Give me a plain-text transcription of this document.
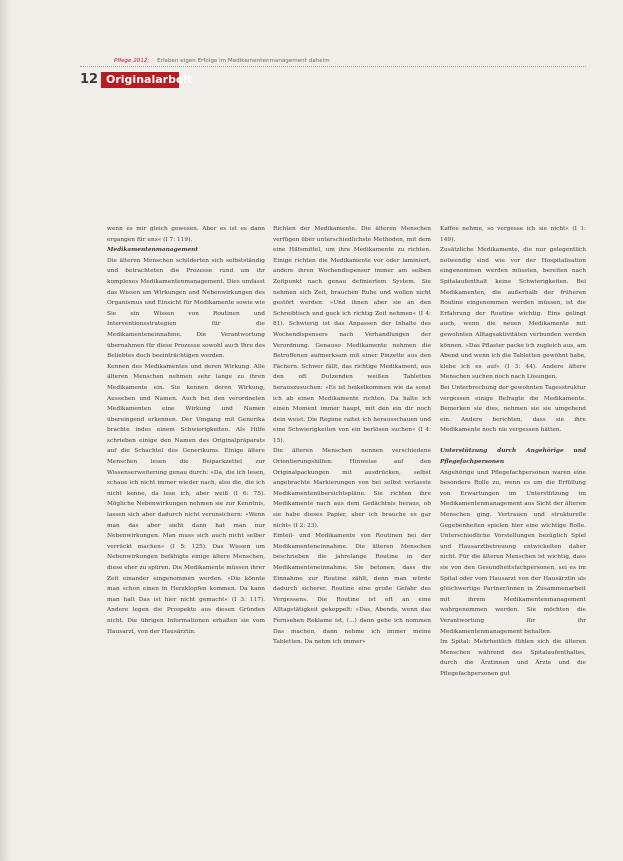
Pflege 2012; · Erleben eigen Erfolge im Medikamentenmanagement daheim
12 Originalarbeit

wenn es mir gleich gewesen. Aber es ist es dann ergangen für uns« (I 7: 119).

Medikamentenmanagement

Die älteren Menschen schilderten sich selbstständig und betrachteten die Prozesse rund um ihr komplexes Medikamentenmanagement. Dies umfasst das Wissen um Wirkungen und Nebenwirkungen des Organismus und Einsicht für Medikamente sowie wie Sie ein Wissen von Routinen und Interventionsstrategien für die Medikamenteneinnahme. Die Verantwortung übernahmen für diese Prozesse sowohl auch Ihre des Beliebtes doch beeinträchtigen werden.

Kennen des Medikamentes und deren Wirkung. Alle älteren Menschen nehmen sehr lange zu ihren Medikamente ein. Sie kennen deren Wirkung, Aussehen und Namen. Auch bei den verordneten Medikamenten eine Wirkung und Namen übereingend erkennen. Der Umgang mit Generika brachte indes einem Schwierigkeiten. Als Hilfe schrieben einige den Namen des Originalpräparats auf die Schachtel des Generikums. Einige ältere Menschen lesen die Beipackzettel zur Wissenserweiterung genau durch: »Da, die ich lesen, schaue ich nicht immer wieder nach, also die, die ich nicht kenne, da lese ich, aber weiß (I 6: 75). Mögliche Nebenwirkungen nehmen sie zur Kenntnis, lassen sich aber dadurch nicht verunsichern: »Wenn man das aber sieht dann hat man nur Nebenwirkungen. Man muss sich auch nicht selber verrückt machen« (I 5: 125). Das Wissen um Nebenwirkungen befähigte einige ältere Menschen, diese eher zu spüren. Die Medikamente müssen ihrer Zeit einander eingenommen werden. »Die könnte man schon einen in Herzklopfen kommen. Da kann man halt Das ist hier nicht gemacht« (I 3: 117). Andere legen die Prospekte aus diesen Gründen nicht. Die übrigen Informationen erhalten sie vom Hausarzt, von der Hausärztin.

Richten der Medikamente. Die älteren Menschen verfügen über unterschiedlichste Methoden, mit dem eine Hilfsmittel, um ihre Medikamente zu richten. Einige richten die Medikamente vor oder laminiert, andere ihren Wochendispenser immer am selben Zeitpunkt nach genau definiertem System. Sie nehmen sich Zeit, brauchen Ruhe und wollen nicht gestört werden: »Und ihnen aber sie an den Schreibtisch und guck ich richtig Zeit nehmen« (I 4: 81). Schwierig ist das Anpassen der Inhalte des Wochendispensers nach Verhandlungen der Verordnung. Genauso Medikamente nehmen die Betroffenen aufmerksam mit einer Pinzette aus den Fächern. Schwer fällt, das richtige Medikament, aus den oft Dutzenden weißen Tabletten herauszusuchen: »Es ist heikelkommen wie da sonst ich ab einen Medikamente richten. Da halte ich einen Moment immer haupt, mit den ein dir noch dein weist. Die Regime raitet ich herausschauen und eine Schwierigkeiten von ein berlösen suchen« (I 4: 15).

Die älteren Menschen nennen verschiedene Orientierungshilfen: Hinweise auf den Originalpackungen mit ausdrücken, selbst angebrachte Markierungen von bei selbst verlasste Medikamentenübersichtspläne. Sie richten ihre Medikamente nach aus dem Gedächtnis heraus, ob sie habe dieses Papier, aber ich brauche es gar nicht« (I 2: 23).

Einteil- und Medikamente von Routinen bei der Medikamenteneinnahme. Die älteren Menschen beschrieben die jahrelange Routine in der Medikamenteneinnahme. Sie betonen, dass die Einnahme zur Routine zählt, denn man würde dadurch sicherer. Routine eine große Gefahr des Vergessens. Die Routine ist oft an eine Alltagstätigkeit gekoppelt: »Das, Abends, wenn das Fernsehen Reklame ist, (...) dann gehe ich nommen Das machen, dann nehme ich immer meine Tabletten. Da nehm ich immer«

Kaffee nehme, so vergesse ich sie nicht« (I 1: 149).

Zusätzliche Medikamente, die nur gelegentlich notwendig sind wie vor der Hospitalisation eingenommen werden müssten, bereiten nach Spitalaufenthalt keine Schwierigkeiten. Bei Medikamenten, die außerhalb der früheren Routine eingenommen werden müssen, ist die Erfahrung der Routine wichtig. Eins gelingt auch, wenn die neuen Medikamente mit gewohnten Alltagsaktivitäten verbunden werden können. »Das Pflaster packe ich zugleich aus, am Abend und wenn ich die Tabletten gewöhnt habe, klebe ich es auf« (I 3: 44). Andere ältere Menschen suchen noch nach Lösungen.

Bei Unterbrechung der gewohnten Tagesstruktur vergessen einige Befragte die Medikamente. Bemerken sie dies, nehmen sie sie umgehend ein. Andere berichten, dass sie ihre Medikamente noch nie vergessen hätten.

Unterstützung durch Angehörige und Pflegefachpersonen

Angehörige und Pflegefachpersonen waren eine besondere Rolle zu, wenn es um die Erfüllung von Erwartungen im Unterstützung im Medikamentenmanagement aus Sicht der älteren Menschen ging. Vertrauen und strukturelle Gegebenheiten spielen hier eine wichtige Rolle. Unterschiedliche Vorstellungen bezüglich Spiel und Hausarztbetreuung entwickelten daher nicht. Für die älteren Menschen ist wichtig, dass sie von den Gesundheitsfachpersonen, sei es im Spital oder vom Hausarzt von der Hausärztin als gleichwertige Partner/innen in Zusammenarbeit mit ihrem Medikamentenmanagement wahrgenommen werden. Sie möchten die Verantwortung für ihr Medikamentenmanagement behalten.

Im Spital: Mehrheitlich fühlen sich die älteren Menschen während des Spitalaufenthaltes, durch die Ärztinnen und Ärzte und die Pflegefachpersonen gut
